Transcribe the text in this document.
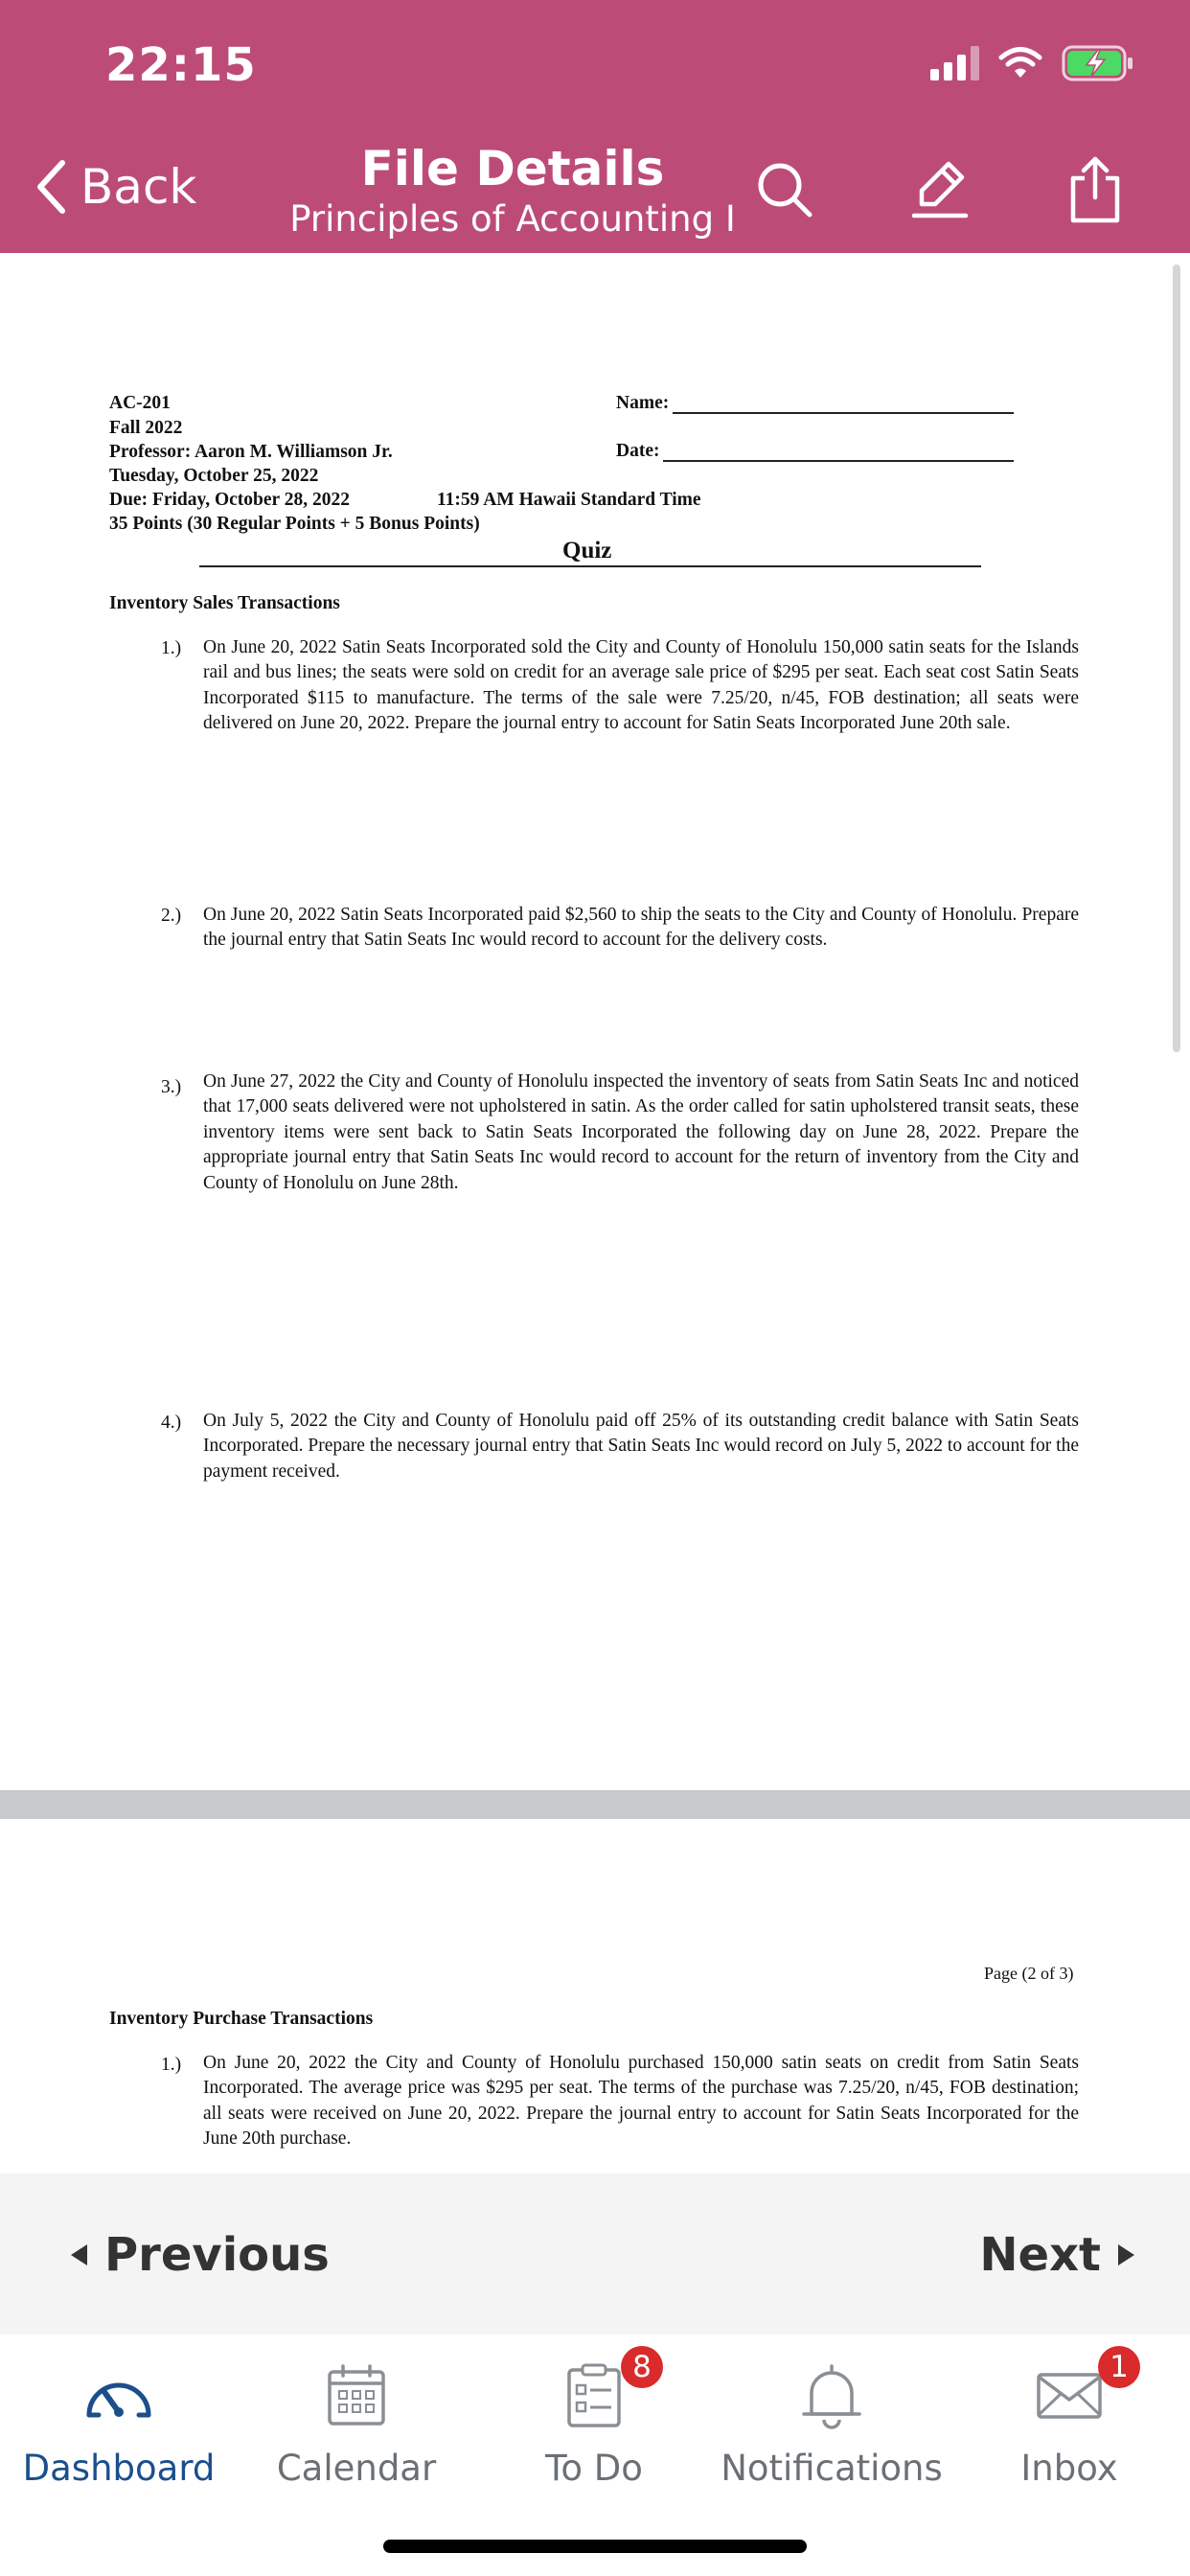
22:15
Back	File Details
Principles of Accounting I
AC-201
Fall 2022
Professor: Aaron M. Williamson Jr.
Tuesday, October 25, 2022
Due: Friday, October 28, 2022	11:59 AM Hawaii Standard Time
35 Points (30 Regular Points + 5 Bonus Points)
Name:
Date:
Quiz
Inventory Sales Transactions
1.) On June 20, 2022 Satin Seats Incorporated sold the City and County of Honolulu 150,000 satin seats for the Islands rail and bus lines; the seats were sold on credit for an average sale price of $295 per seat. Each seat cost Satin Seats Incorporated $115 to manufacture. The terms of the sale were 7.25/20, n/45, FOB destination; all seats were delivered on June 20, 2022. Prepare the journal entry to account for Satin Seats Incorporated June 20th sale.
2.) On June 20, 2022 Satin Seats Incorporated paid $2,560 to ship the seats to the City and County of Honolulu. Prepare the journal entry that Satin Seats Inc would record to account for the delivery costs.
3.) On June 27, 2022 the City and County of Honolulu inspected the inventory of seats from Satin Seats Inc and noticed that 17,000 seats delivered were not upholstered in satin. As the order called for satin upholstered transit seats, these inventory items were sent back to Satin Seats Incorporated the following day on June 28, 2022. Prepare the appropriate journal entry that Satin Seats Inc would record to account for the return of inventory from the City and County of Honolulu on June 28th.
4.) On July 5, 2022 the City and County of Honolulu paid off 25% of its outstanding credit balance with Satin Seats Incorporated. Prepare the necessary journal entry that Satin Seats Inc would record on July 5, 2022 to account for the payment received.
Page (2 of 3)
Inventory Purchase Transactions
1.) On June 20, 2022 the City and County of Honolulu purchased 150,000 satin seats on credit from Satin Seats Incorporated. The average price was $295 per seat. The terms of the purchase was 7.25/20, n/45, FOB destination; all seats were received on June 20, 2022. Prepare the journal entry to account for Satin Seats Incorporated for the June 20th purchase.
Previous	Next
Dashboard Calendar
8
To Do Notifications
1
Inbox
